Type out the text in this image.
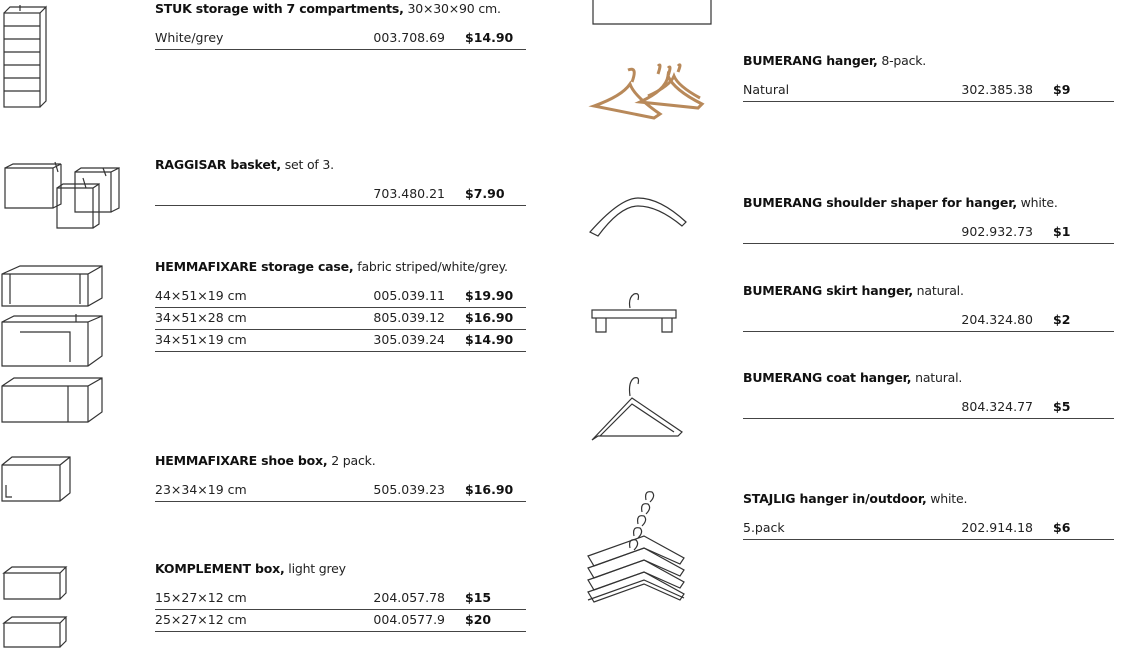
STUK storage with 7 compartments, 30×30×90 cm.
White/grey	003.708.69 $14.90
RAGGISAR basket, set of 3.
703.480.21 $7.90
HEMMAFIXARE storage case, fabric striped/white/grey.
44×51×19 cm	005.039.11 $19.90
34×51×28 cm	805.039.12 $16.90
34×51×19 cm	305.039.24 $14.90
HEMMAFIXARE shoe box, 2 pack.
23×34×19 cm	505.039.23 $16.90
KOMPLEMENT box, light grey
15×27×12 cm	204.057.78 $15
25×27×12 cm	004.0577.9 $20
BUMERANG hanger, 8-pack.
Natural	302.385.38 $9
BUMERANG shoulder shaper for hanger, white.
902.932.73 $1
BUMERANG skirt hanger, natural.
204.324.80 $2
BUMERANG coat hanger, natural.
804.324.77 $5
STAJLIG hanger in/outdoor, white.
5.pack	202.914.18 $6
